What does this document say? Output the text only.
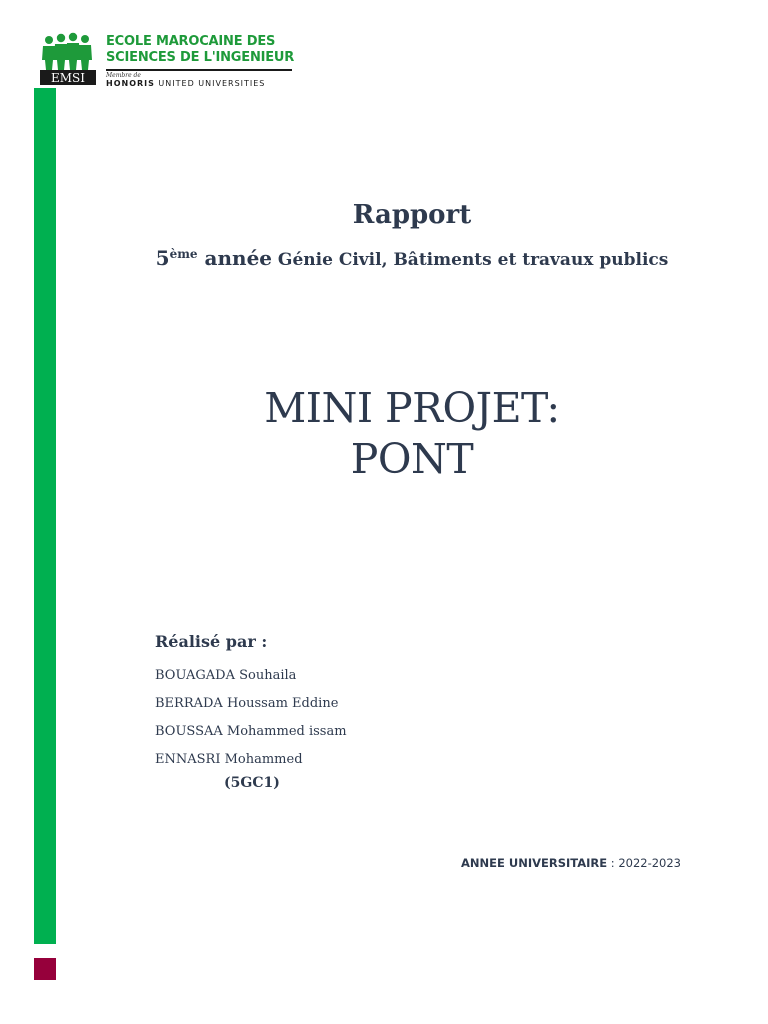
EMSI
ECOLE MAROCAINE DES
SCIENCES DE L'INGENIEUR
Membre de
HONORIS UNITED UNIVERSITIES
Rapport
5ème année Génie Civil, Bâtiments et travaux publics
MINI PROJET:
PONT
Réalisé par :
BOUAGADA Souhaila
BERRADA Houssam Eddine
BOUSSAA Mohammed issam
ENNASRI Mohammed
(5GC1)
ANNEE UNIVERSITAIRE : 2022-2023
